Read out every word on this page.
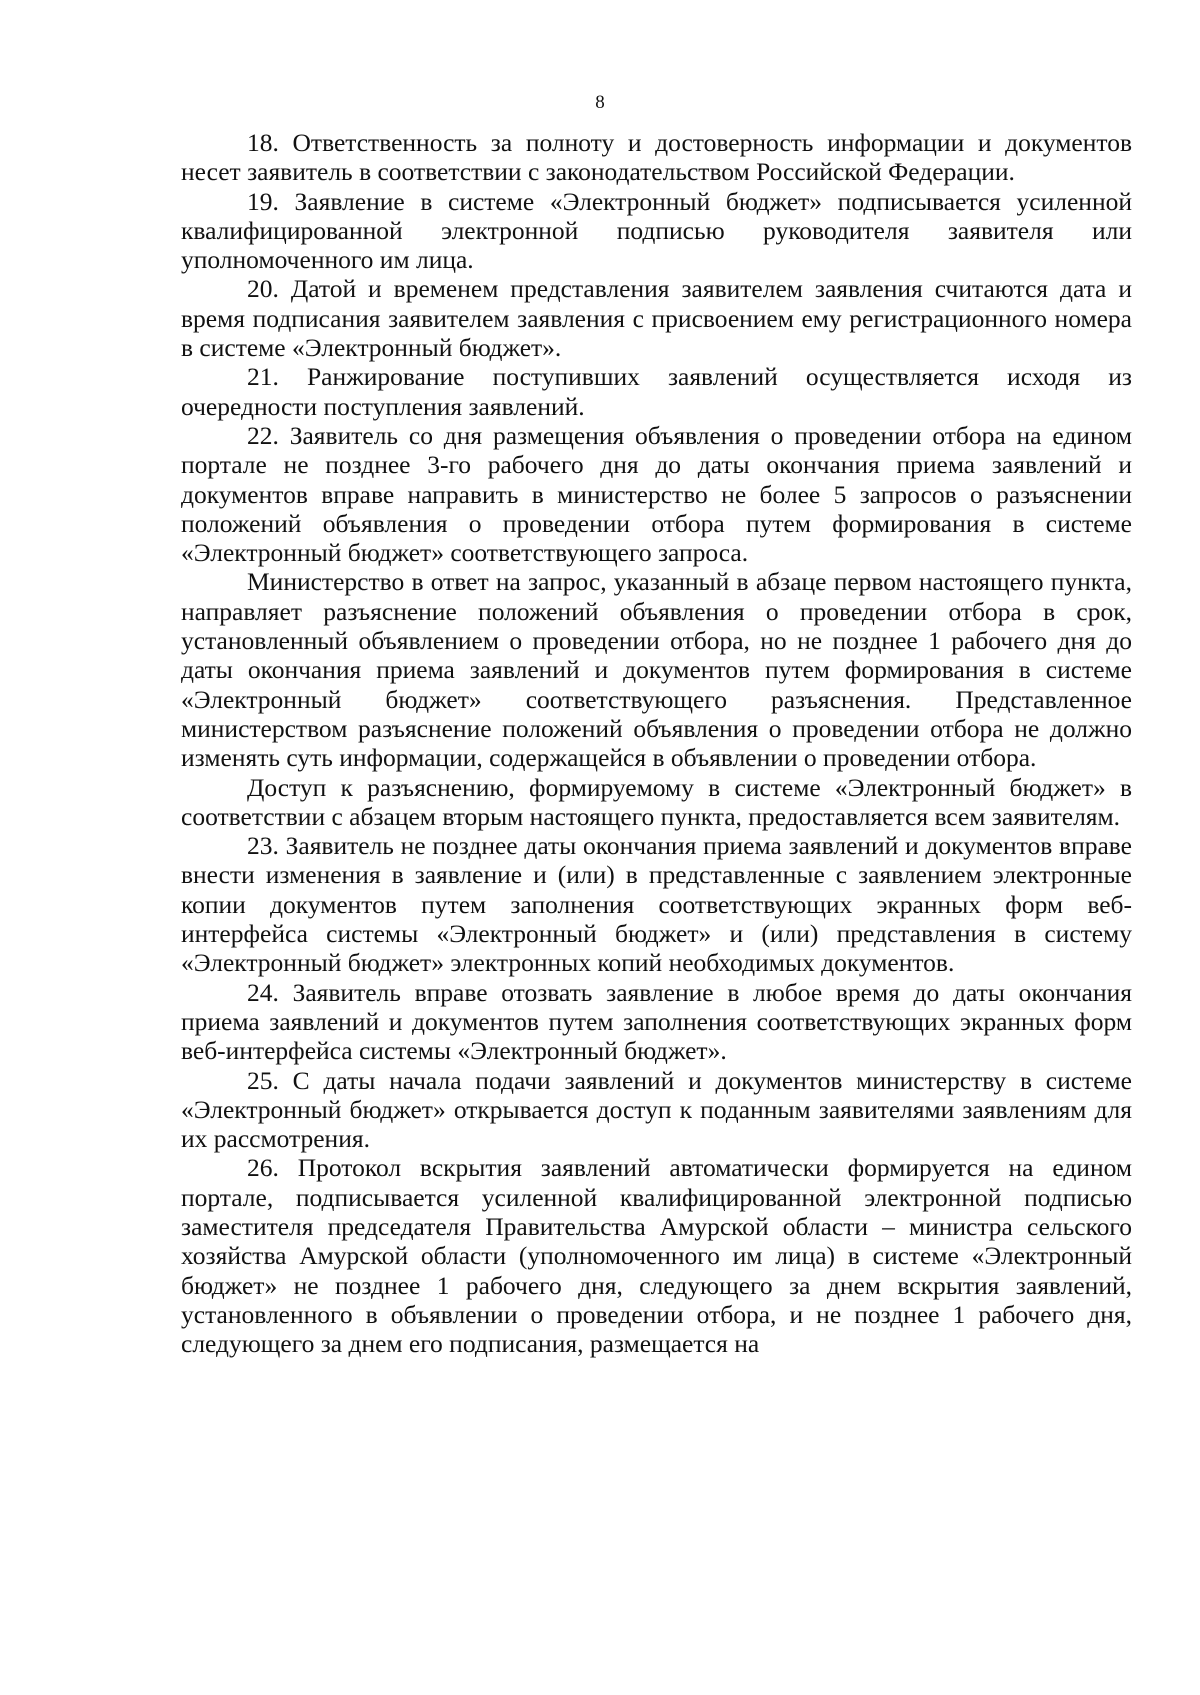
8

18. Ответственность за полноту и достоверность информации и документов несет заявитель в соответствии с законодательством Российской Федерации.

19. Заявление в системе «Электронный бюджет» подписывается усиленной квалифицированной электронной подписью руководителя заявителя или уполномоченного им лица.

20. Датой и временем представления заявителем заявления считаются дата и время подписания заявителем заявления с присвоением ему регистрационного номера в системе «Электронный бюджет».

21. Ранжирование поступивших заявлений осуществляется исходя из очередности поступления заявлений.

22. Заявитель со дня размещения объявления о проведении отбора на едином портале не позднее 3-го рабочего дня до даты окончания приема заявлений и документов вправе направить в министерство не более 5 запросов о разъяснении положений объявления о проведении отбора путем формирования в системе «Электронный бюджет» соответствующего запроса.

Министерство в ответ на запрос, указанный в абзаце первом настоящего пункта, направляет разъяснение положений объявления о проведении отбора в срок, установленный объявлением о проведении отбора, но не позднее 1 рабочего дня до даты окончания приема заявлений и документов путем формирования в системе «Электронный бюджет» соответствующего разъяснения. Представленное министерством разъяснение положений объявления о проведении отбора не должно изменять суть информации, содержащейся в объявлении о проведении отбора.

Доступ к разъяснению, формируемому в системе «Электронный бюджет» в соответствии с абзацем вторым настоящего пункта, предоставляется всем заявителям.

23. Заявитель не позднее даты окончания приема заявлений и документов вправе внести изменения в заявление и (или) в представленные с заявлением электронные копии документов путем заполнения соответствующих экранных форм веб-интерфейса системы «Электронный бюджет» и (или) представления в систему «Электронный бюджет» электронных копий необходимых документов.

24. Заявитель вправе отозвать заявление в любое время до даты окончания приема заявлений и документов путем заполнения соответствующих экранных форм веб-интерфейса системы «Электронный бюджет».

25. С даты начала подачи заявлений и документов министерству в системе «Электронный бюджет» открывается доступ к поданным заявителями заявлениям для их рассмотрения.

26. Протокол вскрытия заявлений автоматически формируется на едином портале, подписывается усиленной квалифицированной электронной подписью заместителя председателя Правительства Амурской области – министра сельского хозяйства Амурской области (уполномоченного им лица) в системе «Электронный бюджет» не позднее 1 рабочего дня, следующего за днем вскрытия заявлений, установленного в объявлении о проведении отбора, и не позднее 1 рабочего дня, следующего за днем его подписания, размещается на
